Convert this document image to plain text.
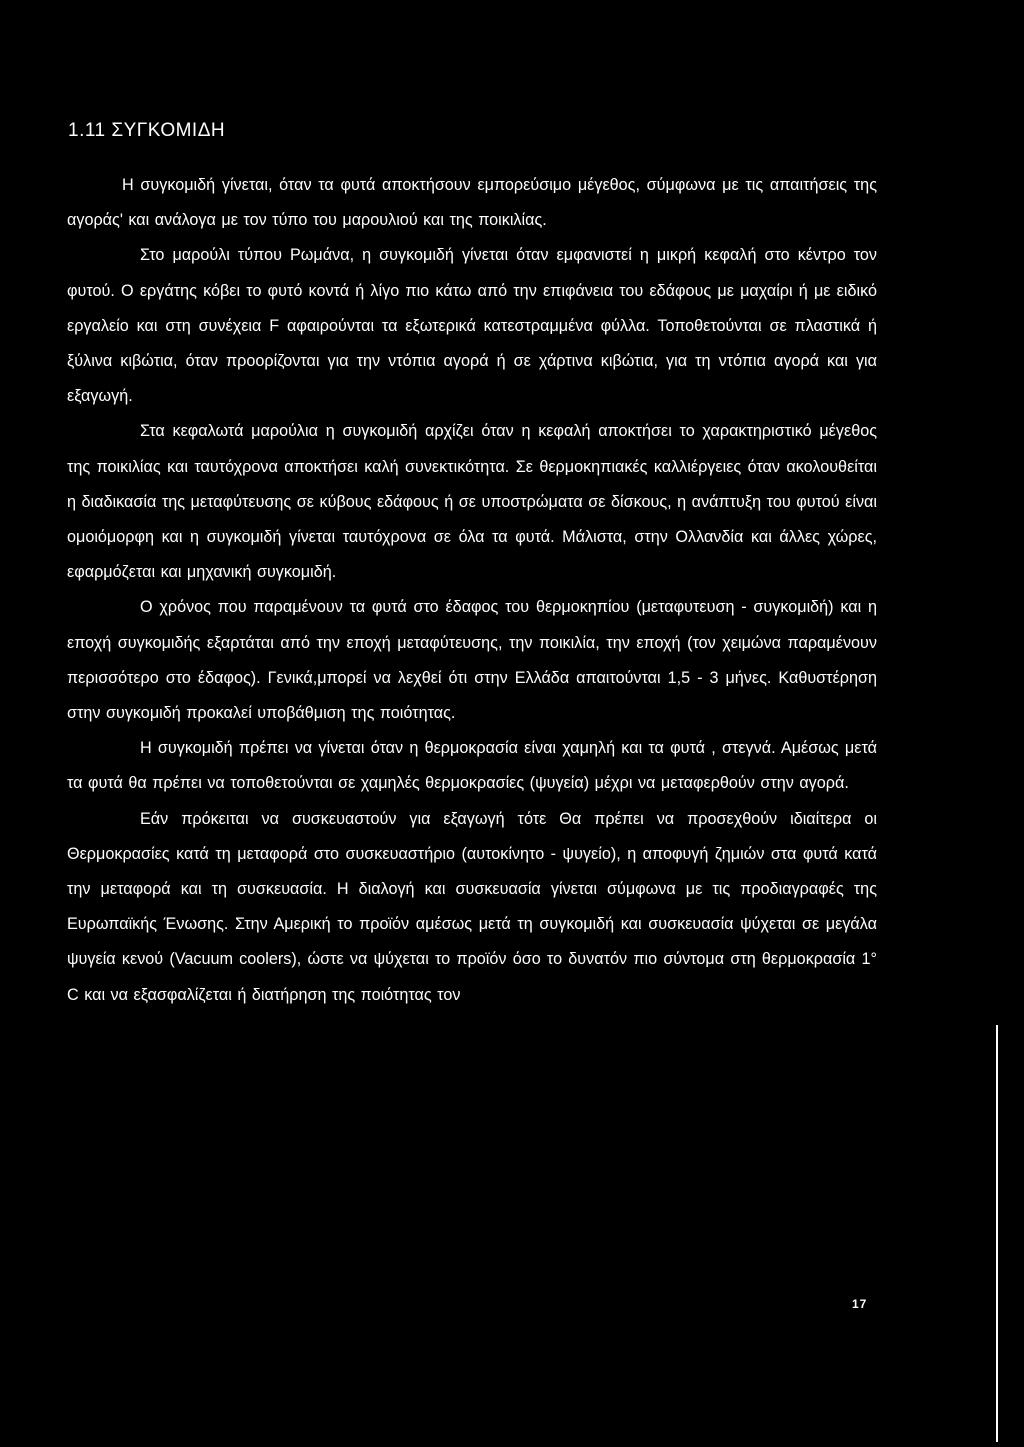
1.11 ΣΥΓΚΟΜΙΔΗ

Η συγκομιδή γίνεται, όταν τα φυτά αποκτήσουν εμπορεύσιμο μέγεθος, σύμφωνα με τις απαιτήσεις της αγοράς' και ανάλογα με τον τύπο του μαρουλιού και της ποικιλίας.

Στο μαρούλι τύπου Ρωμάνα, η συγκομιδή γίνεται όταν εμφανιστεί η μικρή κεφαλή στο κέντρο τον φυτού. Ο εργάτης κόβει το φυτό κοντά ή λίγο πιο κάτω από την επιφάνεια του εδάφους με μαχαίρι ή με ειδικό εργαλείο και στη συνέχεια F αφαιρούνται τα εξωτερικά κατεστραμμένα φύλλα. Τοποθετούνται σε πλαστικά ή ξύλινα κιβώτια, όταν προορίζονται για την ντόπια αγορά ή σε χάρτινα κιβώτια, για τη ντόπια αγορά και για εξαγωγή.

Στα κεφαλωτά μαρούλια η συγκομιδή αρχίζει όταν η κεφαλή αποκτήσει το χαρακτηριστικό μέγεθος της ποικιλίας και ταυτόχρονα αποκτήσει καλή συνεκτικότητα. Σε θερμοκηπιακές καλλιέργειες όταν ακολουθείται η διαδικασία της μεταφύτευσης σε κύβους εδάφους ή σε υποστρώματα σε δίσκους, η ανάπτυξη του φυτού είναι ομοιόμορφη και η συγκομιδή γίνεται ταυτόχρονα σε όλα τα φυτά. Μάλιστα, στην Ολλανδία και άλλες χώρες, εφαρμόζεται και μηχανική συγκομιδή.

Ο χρόνος που παραμένουν τα φυτά στο έδαφος του θερμοκηπίου (μεταφυτευση - συγκομιδή) και η εποχή συγκομιδής εξαρτάται από την εποχή μεταφύτευσης, την ποικιλία, την εποχή (τον χειμώνα παραμένουν περισσότερο στο έδαφος). Γενικά,μπορεί να λεχθεί ότι στην Ελλάδα απαιτούνται 1,5 - 3 μήνες. Καθυστέρηση στην συγκομιδή προκαλεί υποβάθμιση της ποιότητας.

Η συγκομιδή πρέπει να γίνεται όταν η θερμοκρασία είναι χαμηλή και τα φυτά , στεγνά. Αμέσως μετά τα φυτά θα πρέπει να τοποθετούνται σε χαμηλές θερμοκρασίες (ψυγεία) μέχρι να μεταφερθούν στην αγορά.

Εάν πρόκειται να συσκευαστούν για εξαγωγή τότε Θα πρέπει να προσεχθούν ιδιαίτερα οι Θερμοκρασίες κατά τη μεταφορά στο συσκευαστήριο (αυτοκίνητο - ψυγείο), η αποφυγή ζημιών στα φυτά κατά την μεταφορά και τη συσκευασία. Η διαλογή και συσκευασία γίνεται σύμφωνα με τις προδιαγραφές της Ευρωπαϊκής Ένωσης. Στην Αμερική το προϊόν αμέσως μετά τη συγκομιδή και συσκευασία ψύχεται σε μεγάλα ψυγεία κενού (Vacuum coolers), ώστε να ψύχεται το προϊόν όσο το δυνατόν πιο σύντομα στη θερμοκρασία 1° C και να εξασφαλίζεται ή διατήρηση της ποιότητας τον

17
